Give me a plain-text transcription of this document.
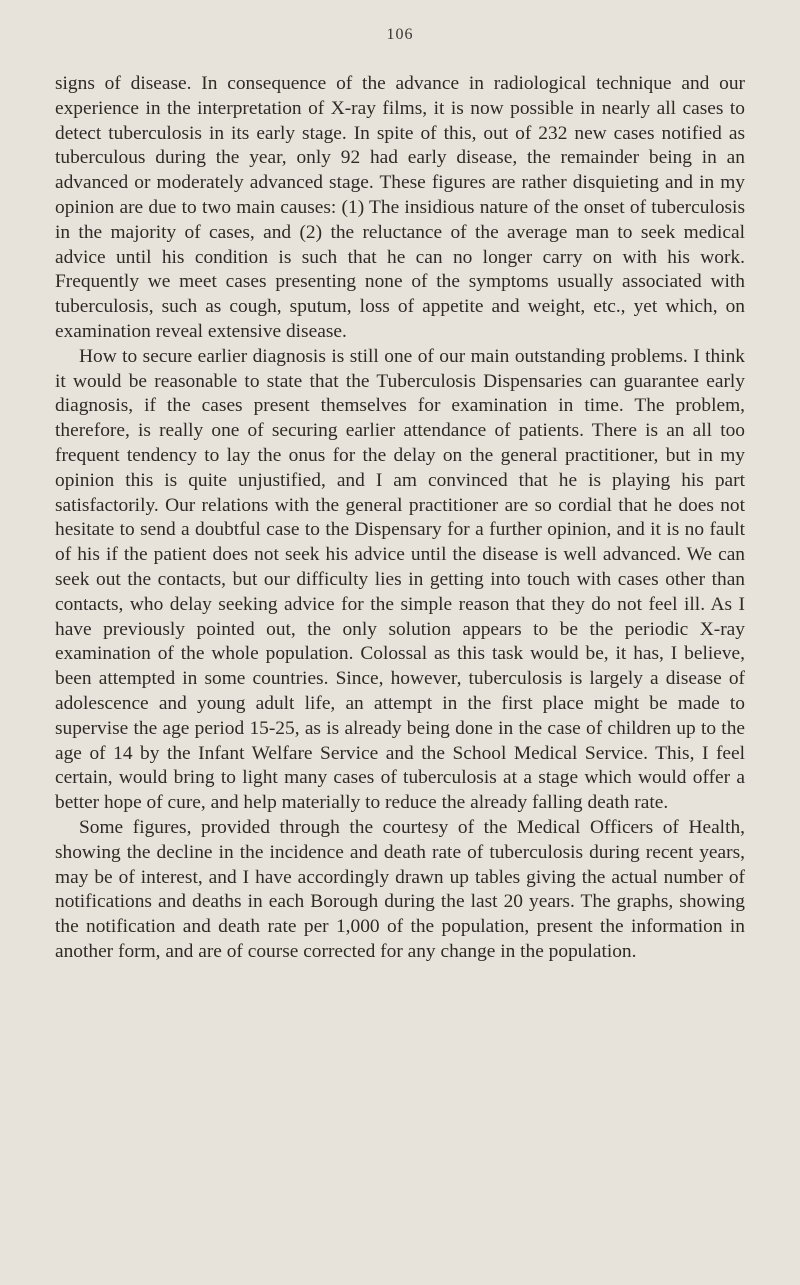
106

signs of disease. In consequence of the advance in radiological technique and our experience in the interpretation of X-ray films, it is now possible in nearly all cases to detect tuberculosis in its early stage. In spite of this, out of 232 new cases notified as tuberculous during the year, only 92 had early disease, the remainder being in an advanced or moderately advanced stage. These figures are rather disquieting and in my opinion are due to two main causes: (1) The insidious nature of the onset of tuberculosis in the majority of cases, and (2) the reluctance of the average man to seek medical advice until his condition is such that he can no longer carry on with his work. Frequently we meet cases presenting none of the symptoms usually associated with tuberculosis, such as cough, sputum, loss of appetite and weight, etc., yet which, on examination reveal extensive disease.

How to secure earlier diagnosis is still one of our main outstanding problems. I think it would be reasonable to state that the Tuberculosis Dispensaries can guarantee early diagnosis, if the cases present themselves for examination in time. The problem, therefore, is really one of securing earlier attendance of patients. There is an all too frequent tendency to lay the onus for the delay on the general practitioner, but in my opinion this is quite unjustified, and I am convinced that he is playing his part satisfactorily. Our relations with the general practitioner are so cordial that he does not hesitate to send a doubtful case to the Dispensary for a further opinion, and it is no fault of his if the patient does not seek his advice until the disease is well advanced. We can seek out the contacts, but our difficulty lies in getting into touch with cases other than contacts, who delay seeking advice for the simple reason that they do not feel ill. As I have previously pointed out, the only solution appears to be the periodic X-ray examination of the whole population. Colossal as this task would be, it has, I believe, been attempted in some countries. Since, however, tuberculosis is largely a disease of adolescence and young adult life, an attempt in the first place might be made to supervise the age period 15-25, as is already being done in the case of children up to the age of 14 by the Infant Welfare Service and the School Medical Service. This, I feel certain, would bring to light many cases of tuberculosis at a stage which would offer a better hope of cure, and help materially to reduce the already falling death rate.

Some figures, provided through the courtesy of the Medical Officers of Health, showing the decline in the incidence and death rate of tuberculosis during recent years, may be of interest, and I have accordingly drawn up tables giving the actual number of notifications and deaths in each Borough during the last 20 years. The graphs, showing the notification and death rate per 1,000 of the population, present the information in another form, and are of course corrected for any change in the population.
